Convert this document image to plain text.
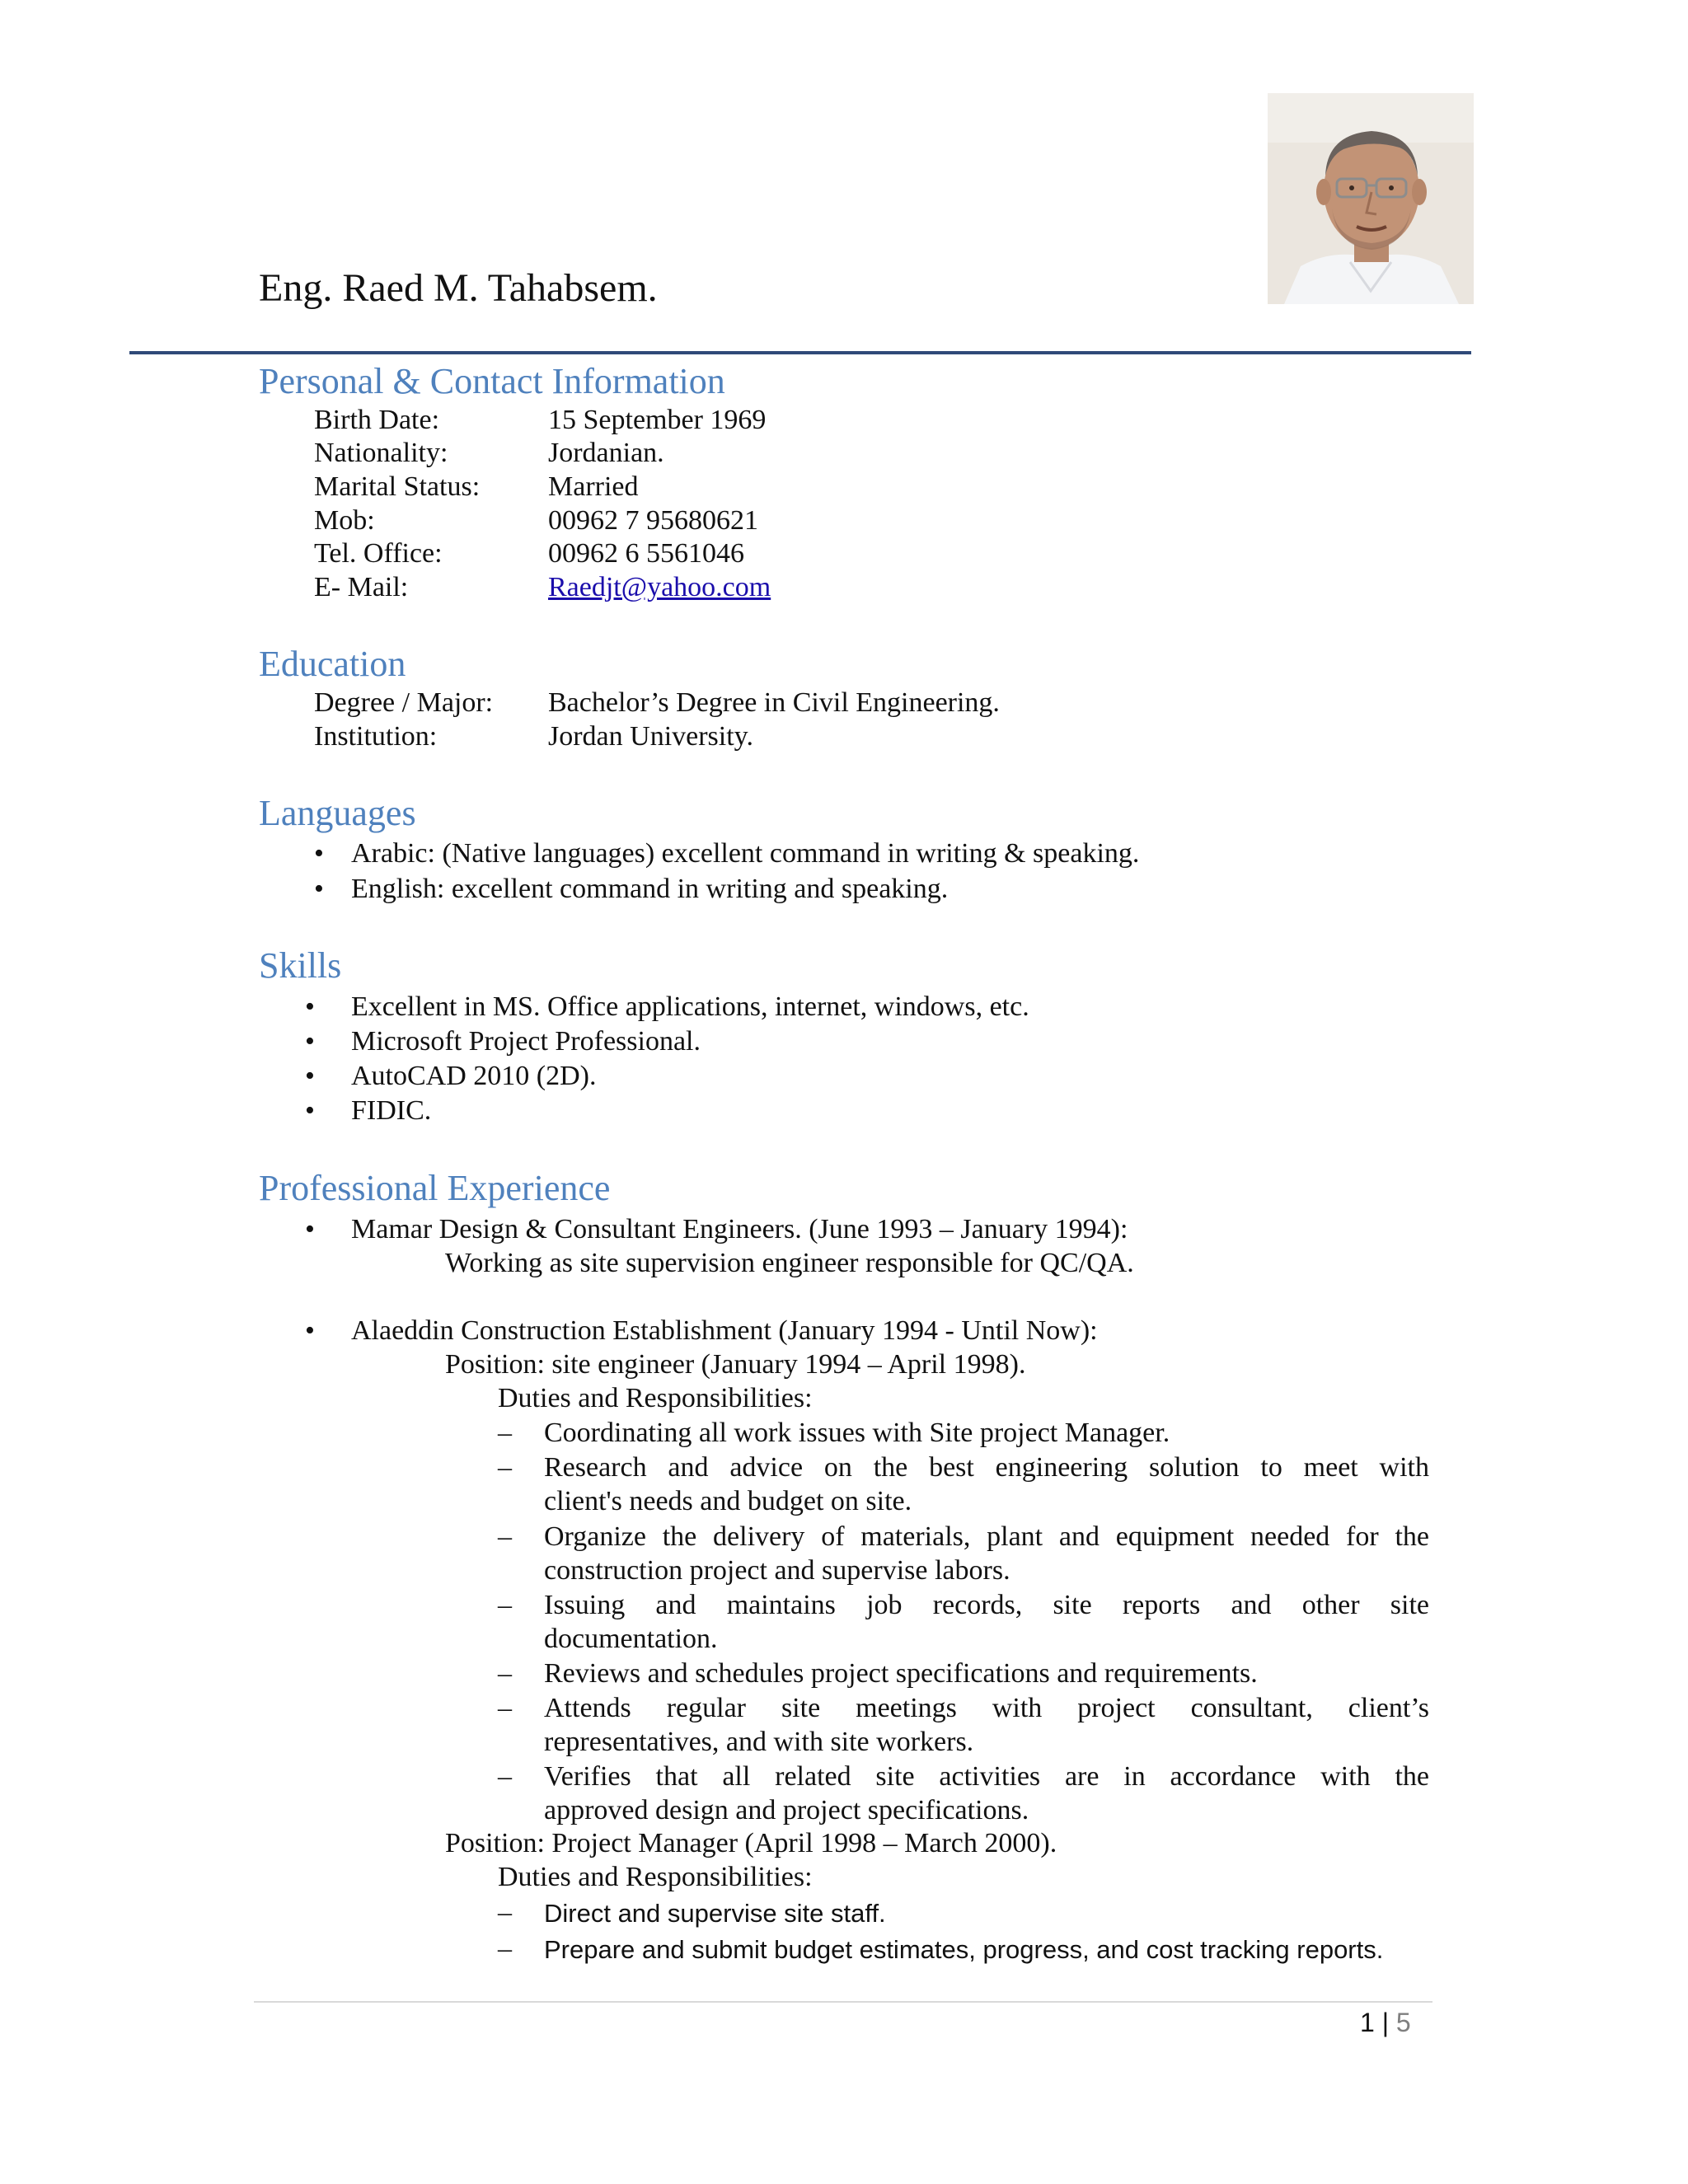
Eng. Raed M. Tahabsem.
Personal & Contact Information
Birth Date:	15 September 1969
Nationality:	Jordanian.
Marital Status: Married
Mob:	00962 7 95680621
Tel. Office:	00962 6 5561046
E- Mail:	Raedjt@yahoo.com
Education
Degree / Major: Bachelor’s Degree in Civil Engineering.
Institution:	Jordan University.
Languages
• Arabic: (Native languages) excellent command in writing & speaking.
• English: excellent command in writing and speaking.
Skills
• Excellent in MS. Office applications, internet, windows, etc.
• Microsoft Project Professional.
• AutoCAD 2010 (2D).
• FIDIC.
Professional Experience
• Mamar Design & Consultant Engineers. (June 1993 – January 1994):
Working as site supervision engineer responsible for QC/QA.
• Alaeddin Construction Establishment (January 1994 - Until Now):
Position: site engineer (January 1994 – April 1998).
Duties and Responsibilities:
– Coordinating all work issues with Site project Manager.
– Research and advice on the best engineering solution to meet with
client's needs and budget on site.
– Organize the delivery of materials, plant and equipment needed for the
construction project and supervise labors.
– Issuing and maintains job records, site reports and other site
documentation.
– Reviews and schedules project specifications and requirements.
– Attends regular site meetings with project consultant, client’s
representatives, and with site workers.
– Verifies that all related site activities are in accordance with the
approved design and project specifications.
Position: Project Manager (April 1998 – March 2000).
Duties and Responsibilities:
– Direct and supervise site staff.
– Prepare and submit budget estimates, progress, and cost tracking reports.
1 | 5
